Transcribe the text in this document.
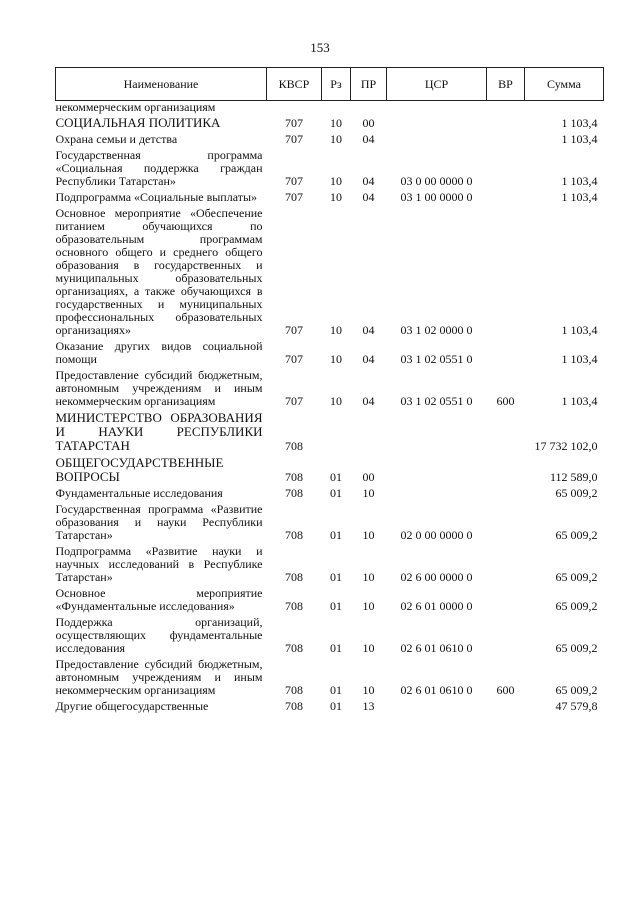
153
Наименование	КВСР	Рз	ПР	ЦСР	ВР	Сумма
некоммерческим организациям						
СОЦИАЛЬНАЯ ПОЛИТИКА	707	10	00			1 103,4
Охрана семьи и детства	707	10	04			1 103,4
Государственная программа «Социальная поддержка граждан Республики Татарстан»	707	10	04	03 0 00 0000 0		1 103,4
Подпрограмма «Социальные выплаты»	707	10	04	03 1 00 0000 0		1 103,4
Основное мероприятие «Обеспечение питанием обучающихся по образовательным программам основного общего и среднего общего образования в государственных и муниципальных образовательных организациях, а также обучающихся в государственных и муниципальных профессиональных образовательных организациях»	707	10	04	03 1 02 0000 0		1 103,4
Оказание других видов социальной помощи	707	10	04	03 1 02 0551 0		1 103,4
Предоставление субсидий бюджетным, автономным учреждениям и иным некоммерческим организациям	707	10	04	03 1 02 0551 0	600	1 103,4
МИНИСТЕРСТВО ОБРАЗОВАНИЯ И НАУКИ РЕСПУБЛИКИ ТАТАРСТАН	708					17 732 102,0
ОБЩЕГОСУДАРСТВЕННЫЕ ВОПРОСЫ	708	01	00			112 589,0
Фундаментальные исследования	708	01	10			65 009,2
Государственная программа «Развитие образования и науки Республики Татарстан»	708	01	10	02 0 00 0000 0		65 009,2
Подпрограмма «Развитие науки и научных исследований в Республике Татарстан»	708	01	10	02 6 00 0000 0		65 009,2
Основное мероприятие «Фундаментальные исследования»	708	01	10	02 6 01 0000 0		65 009,2
Поддержка организаций, осуществляющих фундаментальные исследования	708	01	10	02 6 01 0610 0		65 009,2
Предоставление субсидий бюджетным, автономным учреждениям и иным некоммерческим организациям	708	01	10	02 6 01 0610 0	600	65 009,2
Другие общегосударственные	708	01	13			47 579,8
